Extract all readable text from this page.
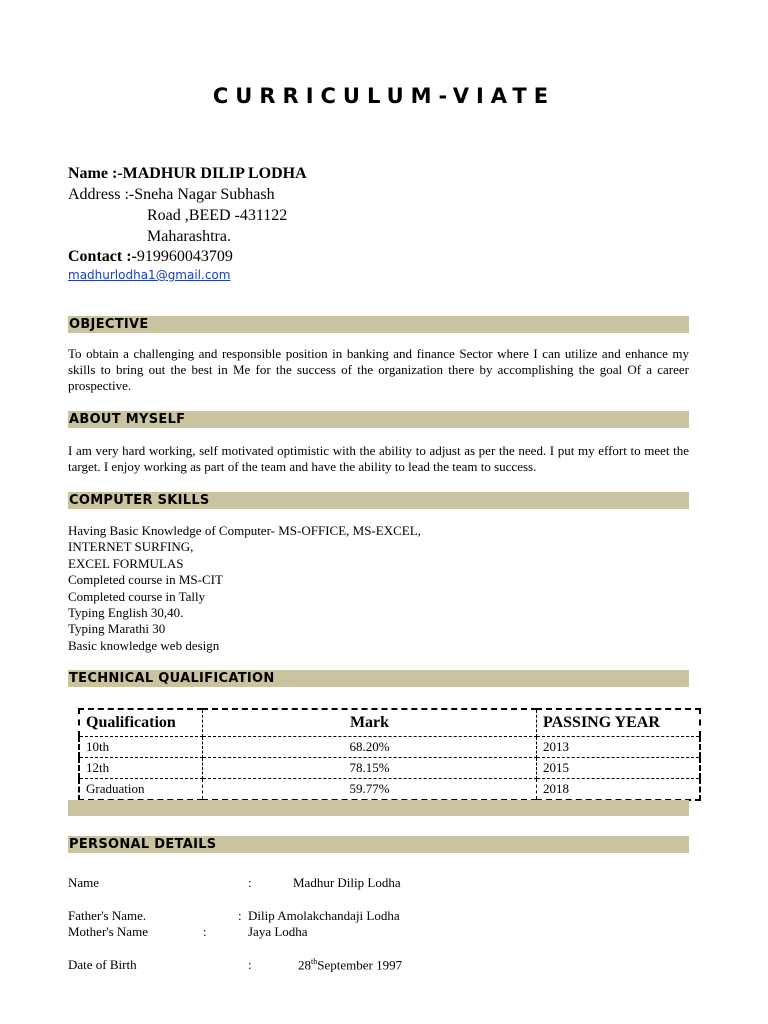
CURRICULUM-VIATE
Name :-MADHUR DILIP LODHA
Address :-Sneha Nagar Subhash
Road ,BEED -431122
Maharashtra.
Contact :-919960043709
madhurlodha1@gmail.com
OBJECTIVE
To obtain a challenging and responsible position in banking and finance Sector where I can utilize and enhance my skills to bring out the best in Me for the success of the organization there by accomplishing the goal Of a career prospective.
ABOUT MYSELF
I am very hard working, self motivated optimistic with the ability to adjust as per the need. I put my effort to meet the target. I enjoy working as part of the team and have the ability to lead the team to success.
COMPUTER SKILLS
Having Basic Knowledge of Computer- MS-OFFICE, MS-EXCEL,
INTERNET SURFING,
EXCEL FORMULAS
Completed course in MS-CIT
Completed course in Tally
Typing English 30,40.
Typing Marathi 30
Basic knowledge web design
TECHNICAL QUALIFICATION
Qualification	Mark	PASSING YEAR
10th	68.20%	2013
12th	78.15%	2015
Graduation	59.77%	2018
PERSONAL DETAILS
Name	:	Madhur Dilip Lodha
Father's Name.	: Dilip Amolakchandaji Lodha
Mother's Name	:	Jaya Lodha
Date of Birth	:	28thSeptember 1997
